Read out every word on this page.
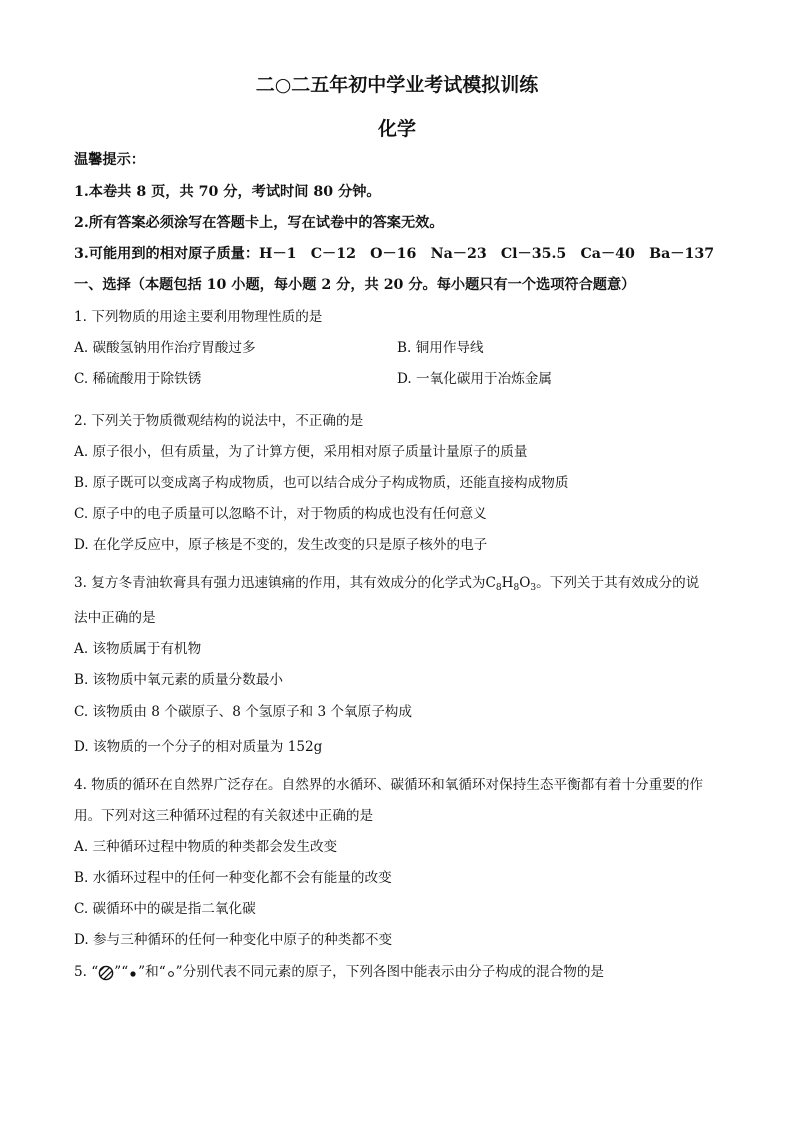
二○二五年初中学业考试模拟训练
化学
温馨提示：
1.本卷共 8 页，共 70 分，考试时间 80 分钟。
2.所有答案必须涂写在答题卡上，写在试卷中的答案无效。
3.可能用到的相对原子质量：H－1　C－12　O－16　Na－23　Cl－35.5　Ca－40　Ba－137
一、选择（本题包括 10 小题，每小题 2 分，共 20 分。每小题只有一个选项符合题意）
1. 下列物质的用途主要利用物理性质的是
A. 碳酸氢钠用作治疗胃酸过多	B. 铜用作导线
C. 稀硫酸用于除铁锈	D. 一氧化碳用于冶炼金属
2. 下列关于物质微观结构的说法中，不正确的是
A. 原子很小，但有质量，为了计算方便，采用相对原子质量计量原子的质量
B. 原子既可以变成离子构成物质，也可以结合成分子构成物质，还能直接构成物质
C. 原子中的电子质量可以忽略不计，对于物质的构成也没有任何意义
D. 在化学反应中，原子核是不变的，发生改变的只是原子核外的电子
3. 复方冬青油软膏具有强力迅速镇痛的作用，其有效成分的化学式为$C_8H_8O_3$。下列关于其有效成分的说
法中正确的是
A. 该物质属于有机物
B. 该物质中氧元素的质量分数最小
C. 该物质由 8 个碳原子、8 个氢原子和 3 个氧原子构成
D. 该物质的一个分子的相对质量为 152g
4. 物质的循环在自然界广泛存在。自然界的水循环、碳循环和氧循环对保持生态平衡都有着十分重要的作
用。下列对这三种循环过程的有关叙述中正确的是
A. 三种循环过程中物质的种类都会发生改变
B. 水循环过程中的任何一种变化都不会有能量的改变
C. 碳循环中的碳是指二氧化碳
D. 参与三种循环的任何一种变化中原子的种类都不变
5. “ ”“ ”和“ ”分别代表不同元素的原子，下列各图中能表示由分子构成的混合物的是
